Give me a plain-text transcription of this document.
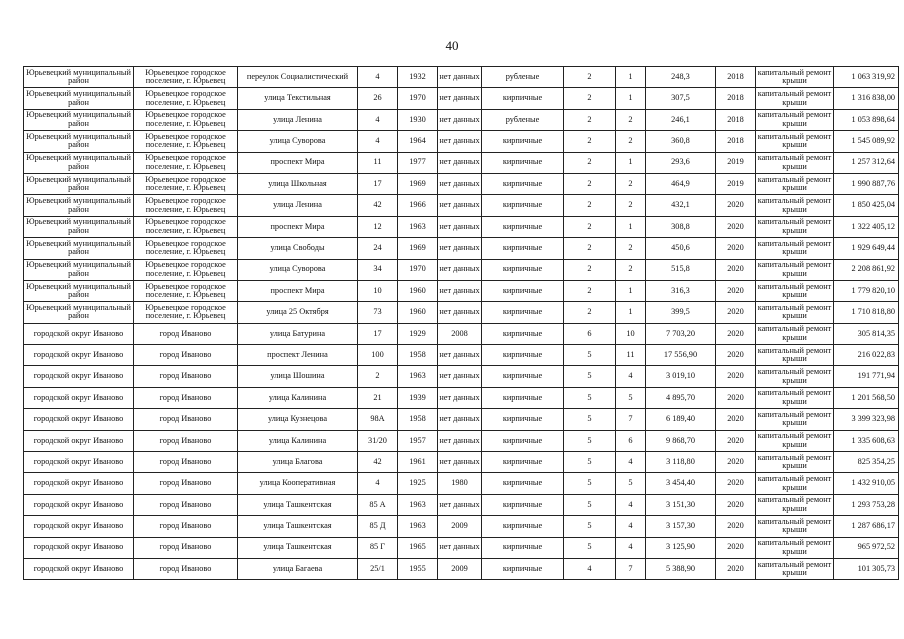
40
Юрьевецкий муниципальный район	Юрьевецкое городское поселение, г. Юрьевец	переулок Социалистический	4	1932	нет данных	рубленые	2	1	248,3	2018	капитальный ремонт крыши	1 063 319,92
Юрьевецкий муниципальный район	Юрьевецкое городское поселение, г. Юрьевец	улица Текстильная	26	1970	нет данных	кирпичные	2	1	307,5	2018	капитальный ремонт крыши	1 316 838,00
Юрьевецкий муниципальный район	Юрьевецкое городское поселение, г. Юрьевец	улица Ленина	4	1930	нет данных	рубленые	2	2	246,1	2018	капитальный ремонт крыши	1 053 898,64
Юрьевецкий муниципальный район	Юрьевецкое городское поселение, г. Юрьевец	улица Суворова	4	1964	нет данных	кирпичные	2	2	360,8	2018	капитальный ремонт крыши	1 545 089,92
Юрьевецкий муниципальный район	Юрьевецкое городское поселение, г. Юрьевец	проспект Мира	11	1977	нет данных	кирпичные	2	1	293,6	2019	капитальный ремонт крыши	1 257 312,64
Юрьевецкий муниципальный район	Юрьевецкое городское поселение, г. Юрьевец	улица Школьная	17	1969	нет данных	кирпичные	2	2	464,9	2019	капитальный ремонт крыши	1 990 887,76
Юрьевецкий муниципальный район	Юрьевецкое городское поселение, г. Юрьевец	улица Ленина	42	1966	нет данных	кирпичные	2	2	432,1	2020	капитальный ремонт крыши	1 850 425,04
Юрьевецкий муниципальный район	Юрьевецкое городское поселение, г. Юрьевец	проспект Мира	12	1963	нет данных	кирпичные	2	1	308,8	2020	капитальный ремонт крыши	1 322 405,12
Юрьевецкий муниципальный район	Юрьевецкое городское поселение, г. Юрьевец	улица Свободы	24	1969	нет данных	кирпичные	2	2	450,6	2020	капитальный ремонт крыши	1 929 649,44
Юрьевецкий муниципальный район	Юрьевецкое городское поселение, г. Юрьевец	улица Суворова	34	1970	нет данных	кирпичные	2	2	515,8	2020	капитальный ремонт крыши	2 208 861,92
Юрьевецкий муниципальный район	Юрьевецкое городское поселение, г. Юрьевец	проспект Мира	10	1960	нет данных	кирпичные	2	1	316,3	2020	капитальный ремонт крыши	1 779 820,10
Юрьевецкий муниципальный район	Юрьевецкое городское поселение, г. Юрьевец	улица 25 Октября	73	1960	нет данных	кирпичные	2	1	399,5	2020	капитальный ремонт крыши	1 710 818,80
городской округ Иваново	город Иваново	улица Батурина	17	1929	2008	кирпичные	6	10	7 703,20	2020	капитальный ремонт крыши	305 814,35
городской округ Иваново	город Иваново	проспект Ленина	100	1958	нет данных	кирпичные	5	11	17 556,90	2020	капитальный ремонт крыши	216 022,83
городской округ Иваново	город Иваново	улица Шошина	2	1963	нет данных	кирпичные	5	4	3 019,10	2020	капитальный ремонт крыши	191 771,94
городской округ Иваново	город Иваново	улица Калинина	21	1939	нет данных	кирпичные	5	5	4 895,70	2020	капитальный ремонт крыши	1 201 568,50
городской округ Иваново	город Иваново	улица Кузнецова	98А	1958	нет данных	кирпичные	5	7	6 189,40	2020	капитальный ремонт крыши	3 399 323,98
городской округ Иваново	город Иваново	улица Калинина	31/20	1957	нет данных	кирпичные	5	6	9 868,70	2020	капитальный ремонт крыши	1 335 608,63
городской округ Иваново	город Иваново	улица Благова	42	1961	нет данных	кирпичные	5	4	3 118,80	2020	капитальный ремонт крыши	825 354,25
городской округ Иваново	город Иваново	улица Кооперативная	4	1925	1980	кирпичные	5	5	3 454,40	2020	капитальный ремонт крыши	1 432 910,05
городской округ Иваново	город Иваново	улица Ташкентская	85 А	1963	нет данных	кирпичные	5	4	3 151,30	2020	капитальный ремонт крыши	1 293 753,28
городской округ Иваново	город Иваново	улица Ташкентская	85 Д	1963	2009	кирпичные	5	4	3 157,30	2020	капитальный ремонт крыши	1 287 686,17
городской округ Иваново	город Иваново	улица Ташкентская	85 Г	1965	нет данных	кирпичные	5	4	3 125,90	2020	капитальный ремонт крыши	965 972,52
городской округ Иваново	город Иваново	улица Багаева	25/1	1955	2009	кирпичные	4	7	5 388,90	2020	капитальный ремонт крыши	101 305,73
